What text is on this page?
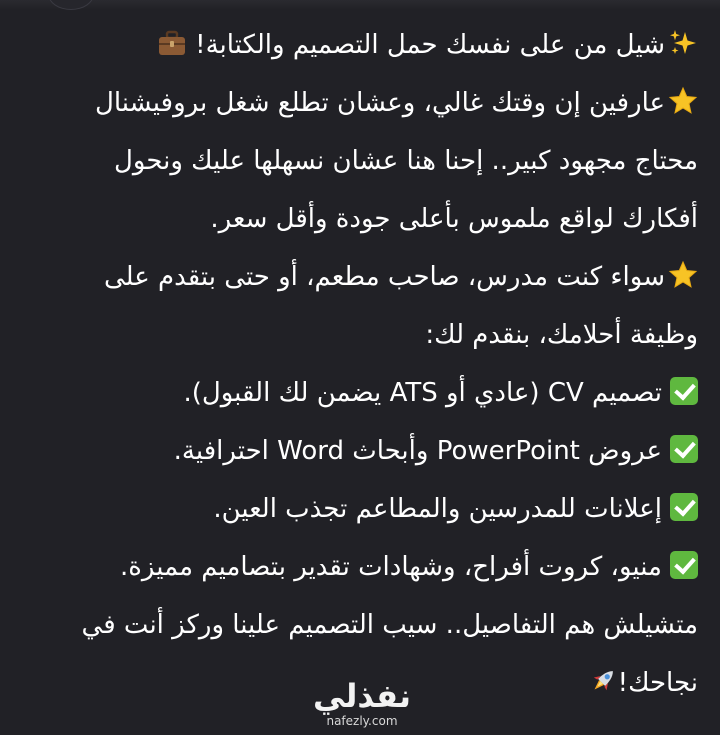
شيل من على نفسك حمل التصميم والكتابة!
عارفين إن وقتك غالي، وعشان تطلع شغل بروفيشنال
محتاج مجهود كبير.. إحنا هنا عشان نسهلها عليك ونحول
أفكارك لواقع ملموس بأعلى جودة وأقل سعر.
سواء كنت مدرس، صاحب مطعم، أو حتى بتقدم على
وظيفة أحلامك، بنقدم لك:
تصميم CV (عادي أو ATS يضمن لك القبول).
عروض PowerPoint وأبحاث Word احترافية.
إعلانات للمدرسين والمطاعم تجذب العين.
منيو، كروت أفراح، وشهادات تقدير بتصاميم مميزة.
متشيلش هم التفاصيل.. سيب التصميم علينا وركز أنت في
نجاحك!
نفذلي
nafezly.com
